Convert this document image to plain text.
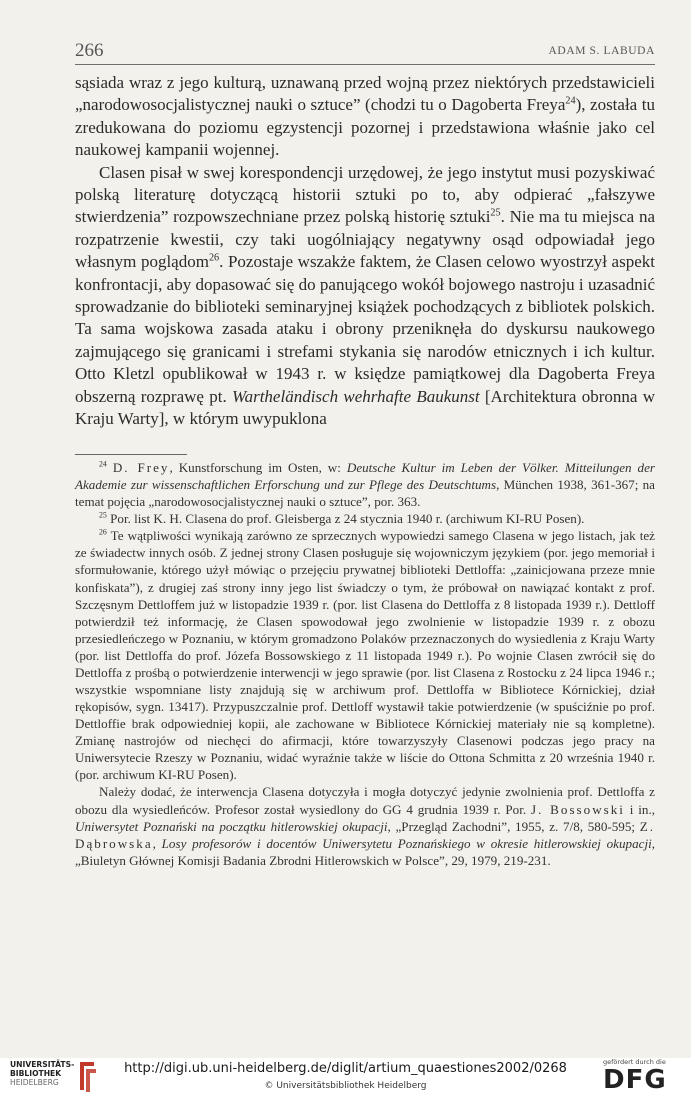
266	ADAM S. LABUDA

sąsiada wraz z jego kulturą, uznawaną przed wojną przez niektórych przedstawicieli „narodowosocjalistycznej nauki o sztuce” (chodzi tu o Dagoberta Freya$^{24}$), została tu zredukowana do poziomu egzystencji pozornej i przedstawiona właśnie jako cel naukowej kampanii wojennej.

Clasen pisał w swej korespondencji urzędowej, że jego instytut musi pozyskiwać polską literaturę dotyczącą historii sztuki po to, aby odpierać „fałszywe stwierdzenia” rozpowszechniane przez polską historię sztuki$^{25}$. Nie ma tu miejsca na rozpatrzenie kwestii, czy taki uogólniający negatywny osąd odpowiadał jego własnym poglądom$^{26}$. Pozostaje wszakże faktem, że Clasen celowo wyostrzył aspekt konfrontacji, aby dopasować się do panującego wokół bojowego nastroju i uzasadnić sprowadzanie do biblioteki seminaryjnej książek pochodzących z bibliotek polskich. Ta sama wojskowa zasada ataku i obrony przeniknęła do dyskursu naukowego zajmującego się granicami i strefami stykania się narodów etnicznych i ich kultur. Otto Kletzl opublikował w 1943 r. w księdze pamiątkowej dla Dagoberta Freya obszerną rozprawę pt. Wartheländisch wehrhafte Baukunst [Architektura obronna w Kraju Warty], w którym uwypuklona

$^{24}$ D. Frey, Kunstforschung im Osten, w: Deutsche Kultur im Leben der Völker. Mitteilungen der Akademie zur wissenschaftlichen Erforschung und zur Pflege des Deutschtums, München 1938, 361-367; na temat pojęcia „narodowosocjalistycznej nauki o sztuce”, por. 363.

$^{25}$ Por. list K. H. Clasena do prof. Gleisberga z 24 stycznia 1940 r. (archiwum KI-RU Posen).

$^{26}$ Te wątpliwości wynikają zarówno ze sprzecznych wypowiedzi samego Clasena w jego listach, jak też ze świadectw innych osób. Z jednej strony Clasen posługuje się wojowniczym językiem (por. jego memoriał i sformułowanie, którego użył mówiąc o przejęciu prywatnej biblioteki Dettloffa: „zainicjowana przeze mnie konfiskata”), z drugiej zaś strony inny jego list świadczy o tym, że próbował on nawiązać kontakt z prof. Szczęsnym Dettloffem już w listopadzie 1939 r. (por. list Clasena do Dettloffa z 8 listopada 1939 r.). Dettloff potwierdził też informację, że Clasen spowodował jego zwolnienie w listopadzie 1939 r. z obozu przesiedleńczego w Poznaniu, w którym gromadzono Polaków przeznaczonych do wysiedlenia z Kraju Warty (por. list Dettloffa do prof. Józefa Bossowskiego z 11 listopada 1949 r.). Po wojnie Clasen zwrócił się do Dettloffa z prośbą o potwierdzenie interwencji w jego sprawie (por. list Clasena z Rostocku z 24 lipca 1946 r.; wszystkie wspomniane listy znajdują się w archiwum prof. Dettloffa w Bibliotece Kórnickiej, dział rękopisów, sygn. 13417). Przypuszczalnie prof. Dettloff wystawił takie potwierdzenie (w spuściźnie po prof. Dettloffie brak odpowiedniej kopii, ale zachowane w Bibliotece Kórnickiej materiały nie są kompletne). Zmianę nastrojów od niechęci do afirmacji, które towarzyszyły Clasenowi podczas jego pracy na Uniwersytecie Rzeszy w Poznaniu, widać wyraźnie także w liście do Ottona Schmitta z 20 września 1940 r. (por. archiwum KI-RU Posen).

Należy dodać, że interwencja Clasena dotyczyła i mogła dotyczyć jedynie zwolnienia prof. Dettloffa z obozu dla wysiedleńców. Profesor został wysiedlony do GG 4 grudnia 1939 r. Por. J. Bossowski i in., Uniwersytet Poznański na początku hitlerowskiej okupacji, „Przegląd Zachodni”, 1955, z. 7/8, 580-595; Z. Dąbrowska, Losy profesorów i docentów Uniwersytetu Poznańskiego w okresie hitlerowskiej okupacji, „Biuletyn Głównej Komisji Badania Zbrodni Hitlerowskich w Polsce”, 29, 1979, 219-231.

UNIVERSITÄTS-
BIBLIOTHEK
HEIDELBERG
http://digi.ub.uni-heidelberg.de/diglit/artium_quaestiones2002/0268
© Universitätsbibliothek Heidelberg
gefördert durch die
DFG
